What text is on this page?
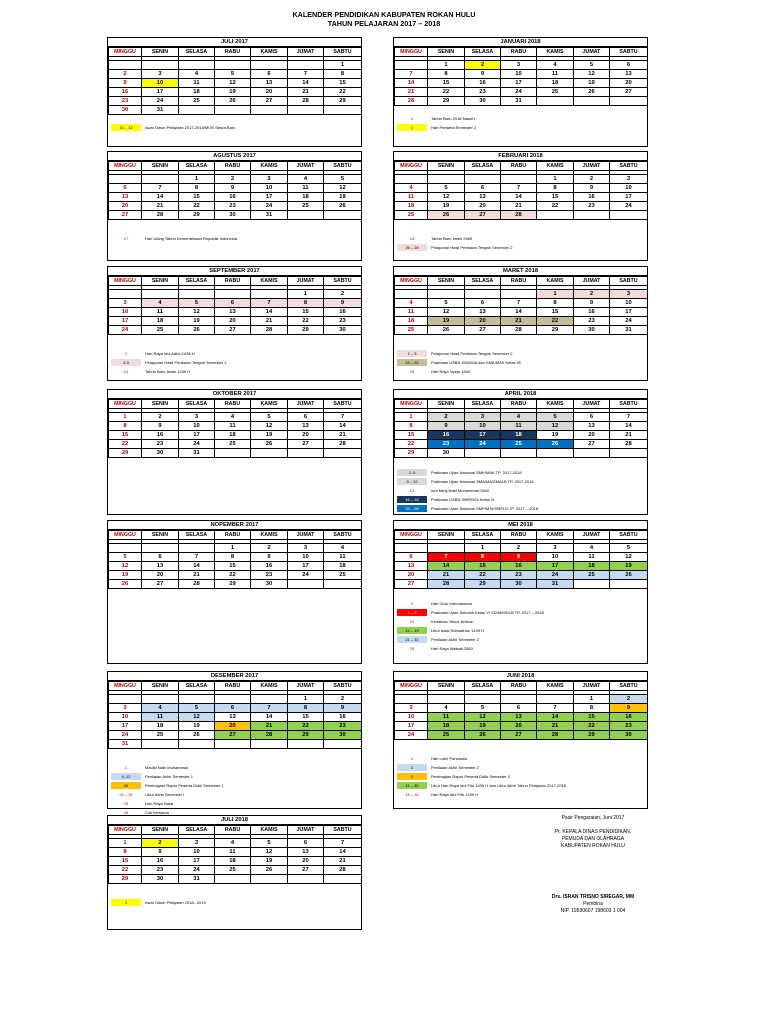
KALENDER PENDIDIKAN KABUPATEN ROKAN HULU
TAHUN PELAJARAN 2017 – 2018
JULI 2017
MINGGU	SENIN	SELASA	RABU	KAMIS	JUMAT	SABTU

						1
2	3	4	5	6	7	8
9	10	11	12	13	14	15
16	17	18	19	20	21	22
23	24	25	26	27	28	29
30	31					
10 – 12	Awal Tahun Pelajaran 2017-2018/MOS Siswa Baru
JANUARI 2018
MINGGU	SENIN	SELASA	RABU	KAMIS	JUMAT	SABTU

	1	2	3	4	5	6
7	8	9	10	11	12	13
14	15	16	17	18	19	20
21	22	23	24	25	26	27
28	29	30	31			
1	Tahun Baru 2018 Masehi
2	Hari Pertama Semester 2
AGUSTUS 2017
MINGGU	SENIN	SELASA	RABU	KAMIS	JUMAT	SABTU

		1	2	3	4	5
6	7	8	9	10	11	12
13	14	15	16	17	18	19
20	21	22	23	24	25	26
27	28	29	30	31		
17	Hari Ulang Tahun Kemerdekaan Republik Indonesia
FEBRUARI 2018
MINGGU	SENIN	SELASA	RABU	KAMIS	JUMAT	SABTU

				1	2	3
4	5	6	7	8	9	10
11	12	13	14	15	16	17
18	19	20	21	22	23	24
25	26	27	28			
16	Tahun Baru Imlek 2569
26 – 28	Pelaporan Hasil Penilaian Tengah Semester 2
SEPTEMBER 2017
MINGGU	SENIN	SELASA	RABU	KAMIS	JUMAT	SABTU

					1	2
3	4	5	6	7	8	9
10	11	12	13	14	15	16
17	18	19	20	21	22	23
24	25	26	27	28	29	30
1	Hari Raya Idul Adha 1438 H
4-9	Pelaporan Hasil Penilaian Tengah Semester 1
21	Tahun Baru Islam 1439 H
MARET 2018
MINGGU	SENIN	SELASA	RABU	KAMIS	JUMAT	SABTU

				1	2	3
4	5	6	7	8	9	10
11	12	13	14	15	16	17
18	19	20	21	22	23	24
25	26	27	28	29	30	31
1 – 3	Pelaporan Hasil Penilaian Tengah Semester 2
19 – 22	Prakiraan USBN SMA/MA dan SMK/MAK Kelas XII
18	Hari Raya Nyepi 1940
OKTOBER 2017
MINGGU	SENIN	SELASA	RABU	KAMIS	JUMAT	SABTU

1	2	3	4	5	6	7
8	9	10	11	12	13	14
15	16	17	18	19	20	21
22	23	24	25	26	27	28
29	30	31				
APRIL 2018
MINGGU	SENIN	SELASA	RABU	KAMIS	JUMAT	SABTU

1	2	3	4	5	6	7
8	9	10	11	12	13	14
15	16	17	18	19	20	21
22	23	24	25	26	27	28
29	30					
2–5	Prakiraan Ujian Nasional SMK/MAK TP. 2017-2018
9 – 12	Prakiraan Ujian Nasional SMA/MA/SMALB TP. 2017-2018
13	Isra Miraj Nabi Muhammad SAW
16 – 18	Prakiraan USBN SMP/MTs Kelas IX
23 – 26	Prakiraan Ujian Nasional SMP/MTs/SMPLB TP. 2017 – 2018
NOPEMBER 2017
MINGGU	SENIN	SELASA	RABU	KAMIS	JUMAT	SABTU

			1	2	3	4
5	6	7	8	9	10	11
12	13	14	15	16	17	18
19	20	21	22	23	24	25
26	27	28	29	30		
MEI 2018
MINGGU	SENIN	SELASA	RABU	KAMIS	JUMAT	SABTU

		1	2	3	4	5
6	7	8	9	10	11	12
13	14	15	16	17	18	19
20	21	22	23	24	25	26
27	28	29	30	31		
2	Hari Guru Internasional
7 – 9	Prakiraan Ujian Sekolah Kelas VI SD/MI/SDLB TP. 2017 – 2018
10	Kenaikan Yesus Kristus
14 – 19	Libur Awal Ramadhan 1439 H
21 – 31	Penilaian Akhir Semester 2
29	Hari Raya Waisak 2563
DESEMBER 2017
MINGGU	SENIN	SELASA	RABU	KAMIS	JUMAT	SABTU

					1	2
3	4	5	6	7	8	9
10	11	12	13	14	15	16
17	18	19	20	21	22	23
24	25	26	27	28	29	30
31						
1	Maulid Nabi Muhammad
4–12	Penilaian Akhir Semester 1
20	Pembagian Rapor Peserta Didik Semester 1
21 – 30	Libur Akhir Semester I
25	Hari Raya Natal
26	Cuti bersama
JUNI 2018
MINGGU	SENIN	SELASA	RABU	KAMIS	JUMAT	SABTU

					1	2
3	4	5	6	7	8	9
10	11	12	13	14	15	16
17	18	19	20	21	22	23
24	25	26	27	28	29	30
1	Hari Lahir Pancasila
2	Penilaian Akhir Semester 2
9	Pembagian Rapor Peserta Didik Semester 2
11 – 30	Libur Hari Raya Idul Fitri 1439 H dan Libur Akhir Tahun Pelajaran 2017-2018
15 – 16	Hari Raya Idul Fitri 1439 H
JULI 2018
MINGGU	SENIN	SELASA	RABU	KAMIS	JUMAT	SABTU

1	2	3	4	5	6	7
8	9	10	11	12	13	14
15	16	17	18	19	20	21
22	23	24	25	26	27	28
29	30	31				
2	Awal Tahun Pelajaran 2018– 2019
Pasir Pengaraian, Juni 2017
Pt. KEPALA DINAS PENDIDIKAN,
PEMUDA DAN OLAHRAGA
KABUPATEN ROKAN HULU
Drs. ISRAN TRISNO SIREGAR, MM
Pembina
NIP. 19590607 198603 1 004
